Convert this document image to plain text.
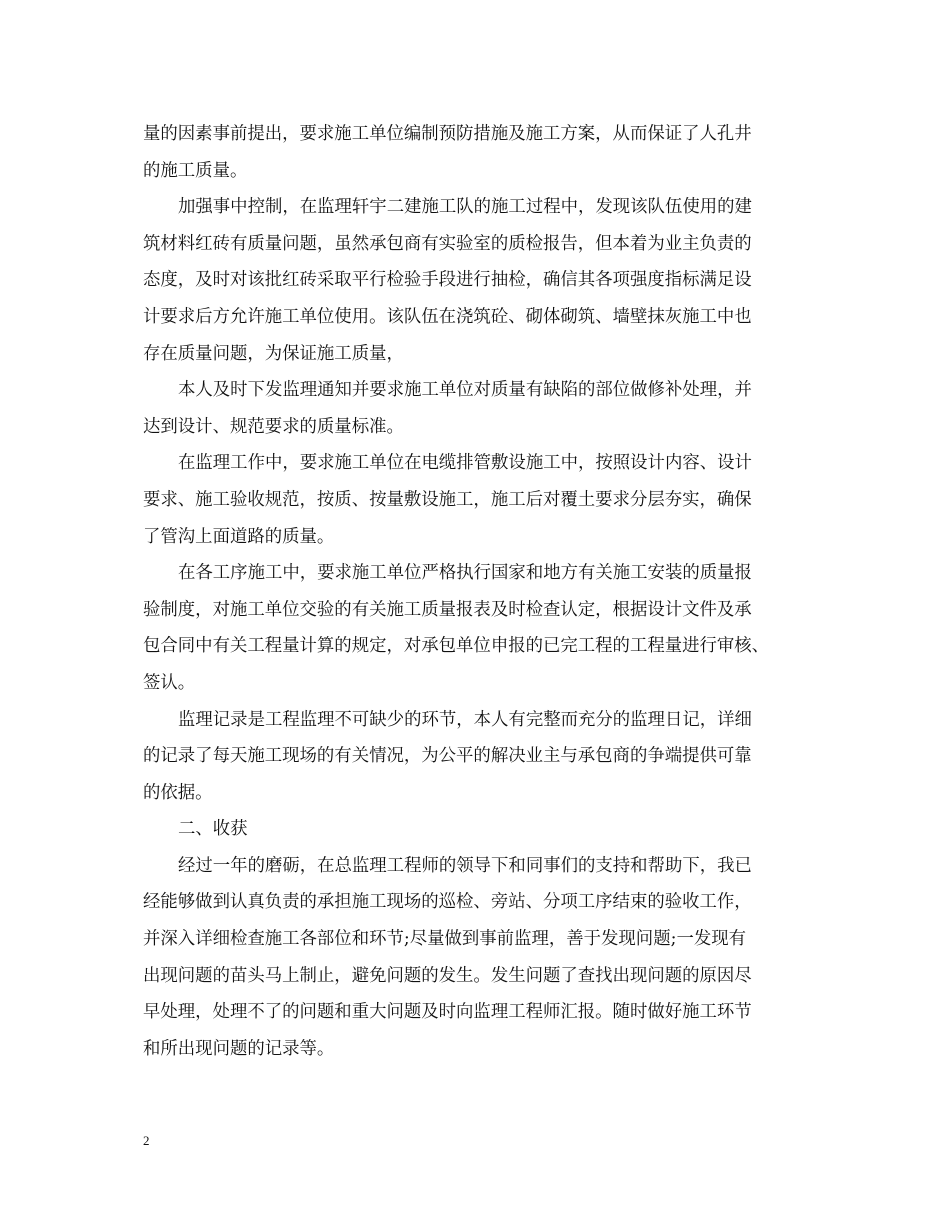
量的因素事前提出，要求施工单位编制预防措施及施工方案，从而保证了人孔井
的施工质量。
加强事中控制，在监理轩宇二建施工队的施工过程中，发现该队伍使用的建
筑材料红砖有质量问题，虽然承包商有实验室的质检报告，但本着为业主负责的
态度，及时对该批红砖采取平行检验手段进行抽检，确信其各项强度指标满足设
计要求后方允许施工单位使用。该队伍在浇筑砼、砌体砌筑、墙壁抹灰施工中也
存在质量问题，为保证施工质量，
本人及时下发监理通知并要求施工单位对质量有缺陷的部位做修补处理，并
达到设计、规范要求的质量标准。
在监理工作中，要求施工单位在电缆排管敷设施工中，按照设计内容、设计
要求、施工验收规范，按质、按量敷设施工，施工后对覆土要求分层夯实，确保
了管沟上面道路的质量。
在各工序施工中，要求施工单位严格执行国家和地方有关施工安装的质量报
验制度，对施工单位交验的有关施工质量报表及时检查认定，根据设计文件及承
包合同中有关工程量计算的规定，对承包单位申报的已完工程的工程量进行审核、
签认。
监理记录是工程监理不可缺少的环节，本人有完整而充分的监理日记，详细
的记录了每天施工现场的有关情况，为公平的解决业主与承包商的争端提供可靠
的依据。
二、收获
经过一年的磨砺，在总监理工程师的领导下和同事们的支持和帮助下，我已
经能够做到认真负责的承担施工现场的巡检、旁站、分项工序结束的验收工作，
并深入详细检查施工各部位和环节;尽量做到事前监理，善于发现问题;一发现有
出现问题的苗头马上制止，避免问题的发生。发生问题了查找出现问题的原因尽
早处理，处理不了的问题和重大问题及时向监理工程师汇报。随时做好施工环节
和所出现问题的记录等。
2
